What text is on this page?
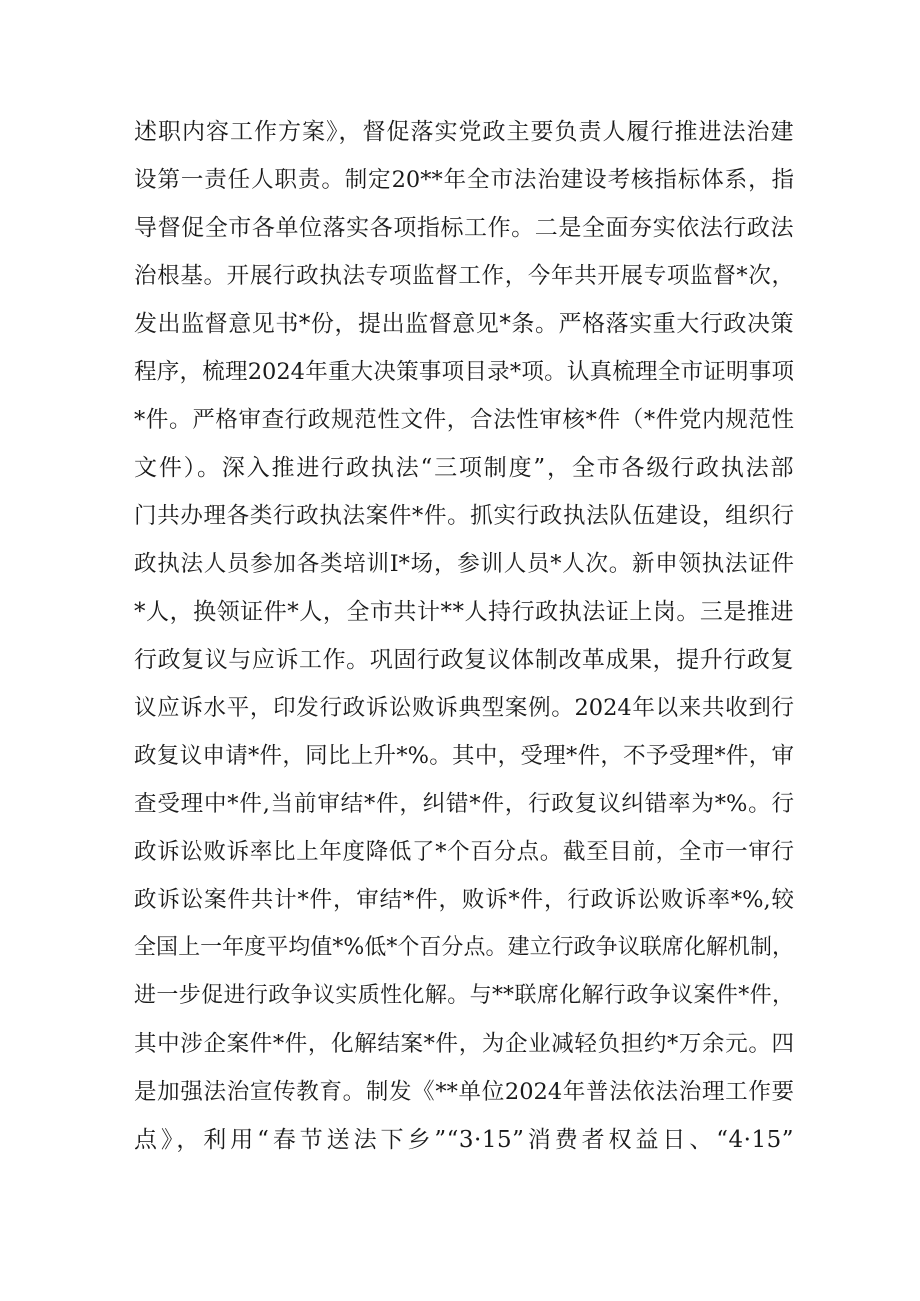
述职内容工作方案》，督促落实党政主要负责人履行推进法治建
设第一责任人职责。制定20**年全市法治建设考核指标体系，指
导督促全市各单位落实各项指标工作。二是全面夯实依法行政法
治根基。开展行政执法专项监督工作，今年共开展专项监督*次，
发出监督意见书*份，提出监督意见*条。严格落实重大行政决策
程序，梳理2024年重大决策事项目录*项。认真梳理全市证明事项
*件。严格审查行政规范性文件，合法性审核*件（*件党内规范性
文件）。深入推进行政执法“三项制度”，全市各级行政执法部
门共办理各类行政执法案件*件。抓实行政执法队伍建设，组织行
政执法人员参加各类培训I*场，参训人员*人次。新申领执法证件
*人，换领证件*人，全市共计**人持行政执法证上岗。三是推进
行政复议与应诉工作。巩固行政复议体制改革成果，提升行政复
议应诉水平，印发行政诉讼败诉典型案例。2024年以来共收到行
政复议申请*件，同比上升*%。其中，受理*件，不予受理*件，审
查受理中*件,当前审结*件，纠错*件，行政复议纠错率为*%。行
政诉讼败诉率比上年度降低了*个百分点。截至目前，全市一审行
政诉讼案件共计*件，审结*件，败诉*件，行政诉讼败诉率*%,较
全国上一年度平均值*%低*个百分点。建立行政争议联席化解机制，
进一步促进行政争议实质性化解。与**联席化解行政争议案件*件，
其中涉企案件*件，化解结案*件，为企业减轻负担约*万余元。四
是加强法治宣传教育。制发《**单位2024年普法依法治理工作要
点》，利用“春节送法下乡”“3·15”消费者权益日、“4·15”
